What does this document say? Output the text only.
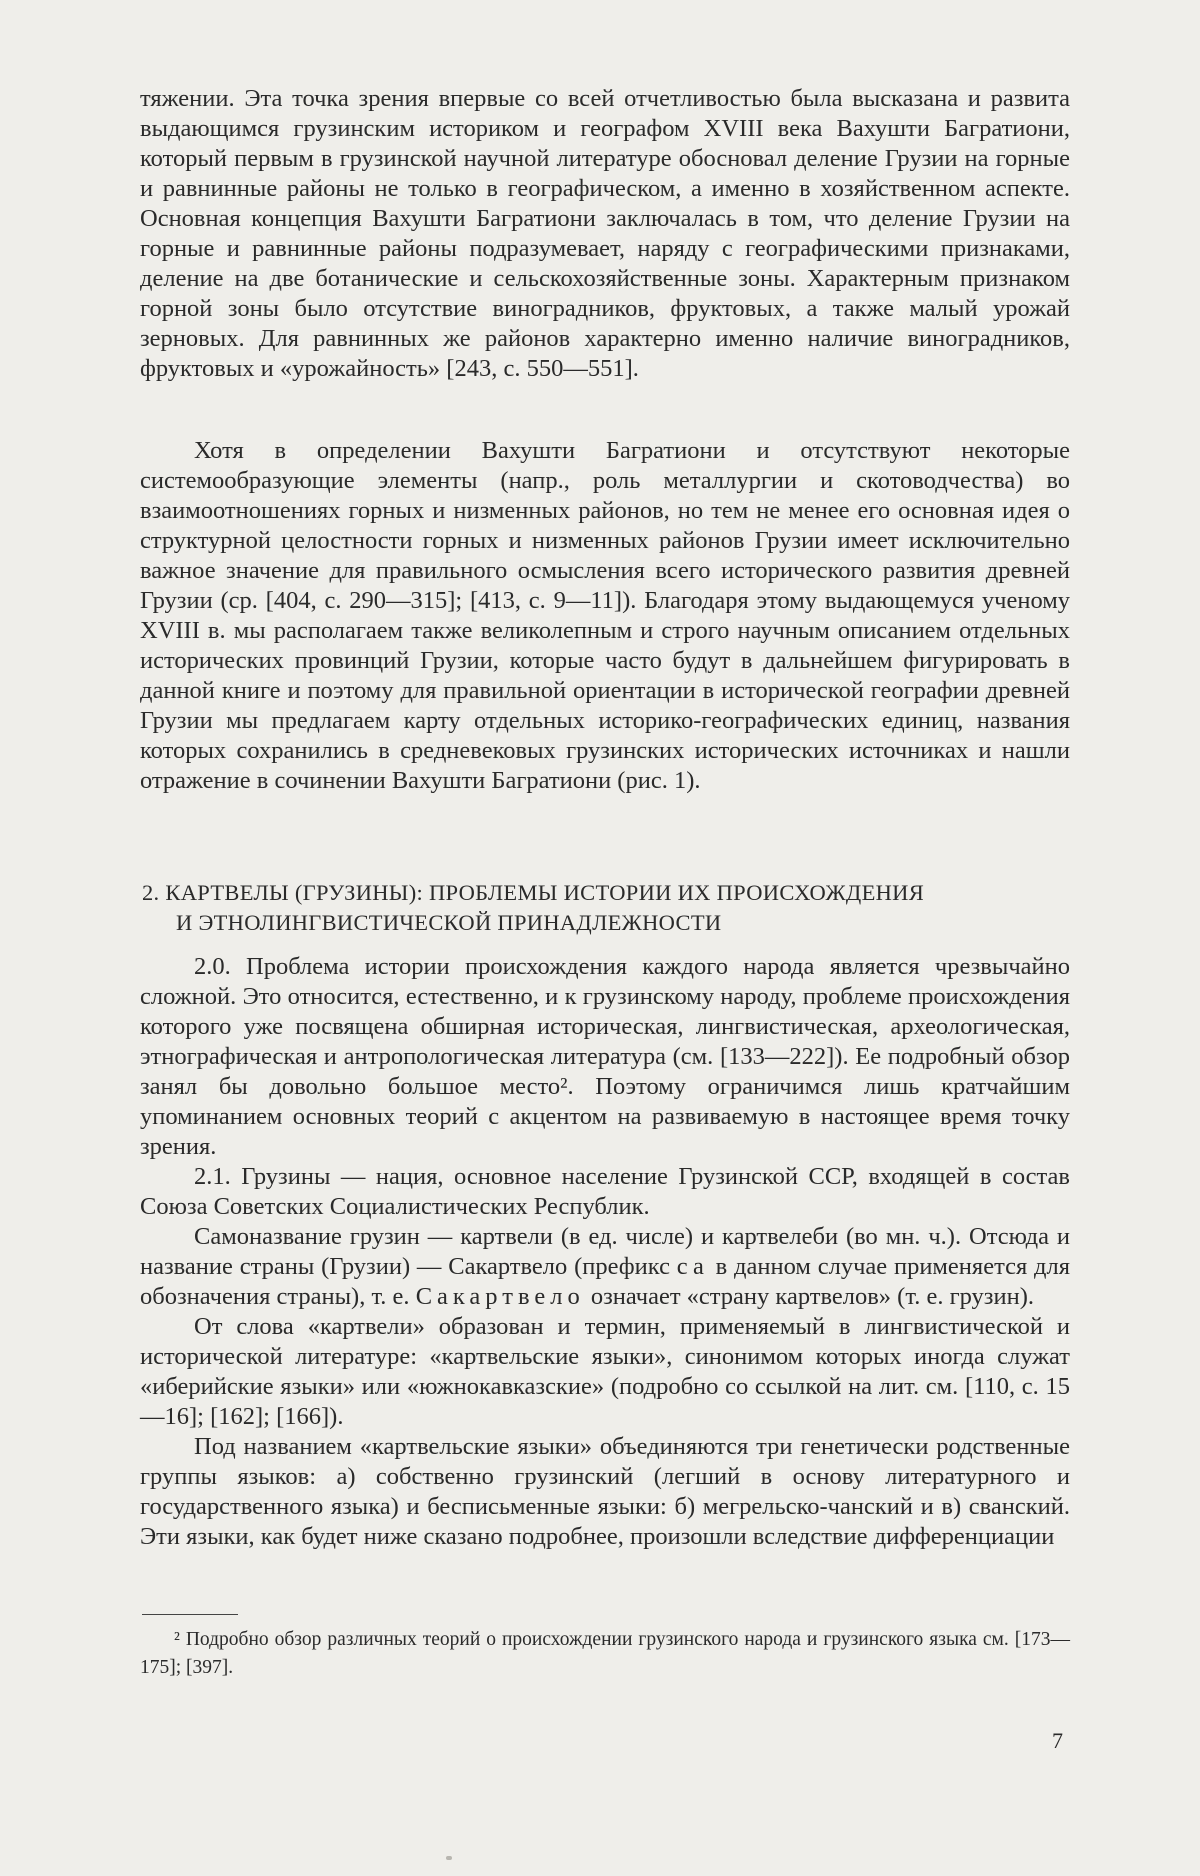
тяжении. Эта точка зрения впервые со всей отчетливостью была высказана и развита выдающимся грузинским историком и географом XVIII века Вахушти Багратиони, который первым в грузинской научной литературе обосновал деление Грузии на горные и равнинные районы не только в географическом, а именно в хозяйственном аспекте. Основная концепция Вахушти Багратиони заключалась в том, что деление Грузии на горные и равнинные районы подразумевает, наряду с географическими признаками, деление на две ботанические и сельскохозяйственные зоны. Характерным признаком горной зоны было отсутствие виноградников, фруктовых, а также малый урожай зерновых. Для равнинных же районов характерно именно наличие виноградников, фруктовых и «урожайность» [243, с. 550—551].

Хотя в определении Вахушти Багратиони и отсутствуют некоторые системообразующие элементы (напр., роль металлургии и скотоводчества) во взаимоотношениях горных и низменных районов, но тем не менее его основная идея о структурной целостности горных и низменных районов Грузии имеет исключительно важное значение для правильного осмысления всего исторического развития древней Грузии (ср. [404, с. 290—315]; [413, с. 9—11]). Благодаря этому выдающемуся ученому XVIII в. мы располагаем также великолепным и строго научным описанием отдельных исторических провинций Грузии, которые часто будут в дальнейшем фигурировать в данной книге и поэтому для правильной ориентации в исторической географии древней Грузии мы предлагаем карту отдельных историко-географических единиц, названия которых сохранились в средневековых грузинских исторических источниках и нашли отражение в сочинении Вахушти Багратиони (рис. 1).

2. КАРТВЕЛЫ (ГРУЗИНЫ): ПРОБЛЕМЫ ИСТОРИИ ИХ ПРОИСХОЖДЕНИЯ
И ЭТНОЛИНГВИСТИЧЕСКОЙ ПРИНАДЛЕЖНОСТИ

2.0. Проблема истории происхождения каждого народа является чрезвычайно сложной. Это относится, естественно, и к грузинскому народу, проблеме происхождения которого уже посвящена обширная историческая, лингвистическая, археологическая, этнографическая и антропологическая литература (см. [133—222]). Ее подробный обзор занял бы довольно большое место². Поэтому ограничимся лишь кратчайшим упоминанием основных теорий с акцентом на развиваемую в настоящее время точку зрения.

2.1. Грузины — нация, основное население Грузинской ССР, входящей в состав Союза Советских Социалистических Республик.

Самоназвание грузин — картвели (в ед. числе) и картвелеби (во мн. ч.). Отсюда и название страны (Грузии) — Сакартвело (префикс са в данном случае применяется для обозначения страны), т. е. Сакартвело означает «страну картвелов» (т. е. грузин).

От слова «картвели» образован и термин, применяемый в лингвистической и исторической литературе: «картвельские языки», синонимом которых иногда служат «иберийские языки» или «южнокавказские» (подробно со ссылкой на лит. см. [110, с. 15—16]; [162]; [166]).

Под названием «картвельские языки» объединяются три генетически родственные группы языков: а) собственно грузинский (легший в основу литературного и государственного языка) и бесписьменные языки: б) мегрельско-чанский и в) сванский. Эти языки, как будет ниже сказано подробнее, произошли вследствие дифференциации

² Подробно обзор различных теорий о происхождении грузинского народа и грузинского языка см. [173—175]; [397].

7
